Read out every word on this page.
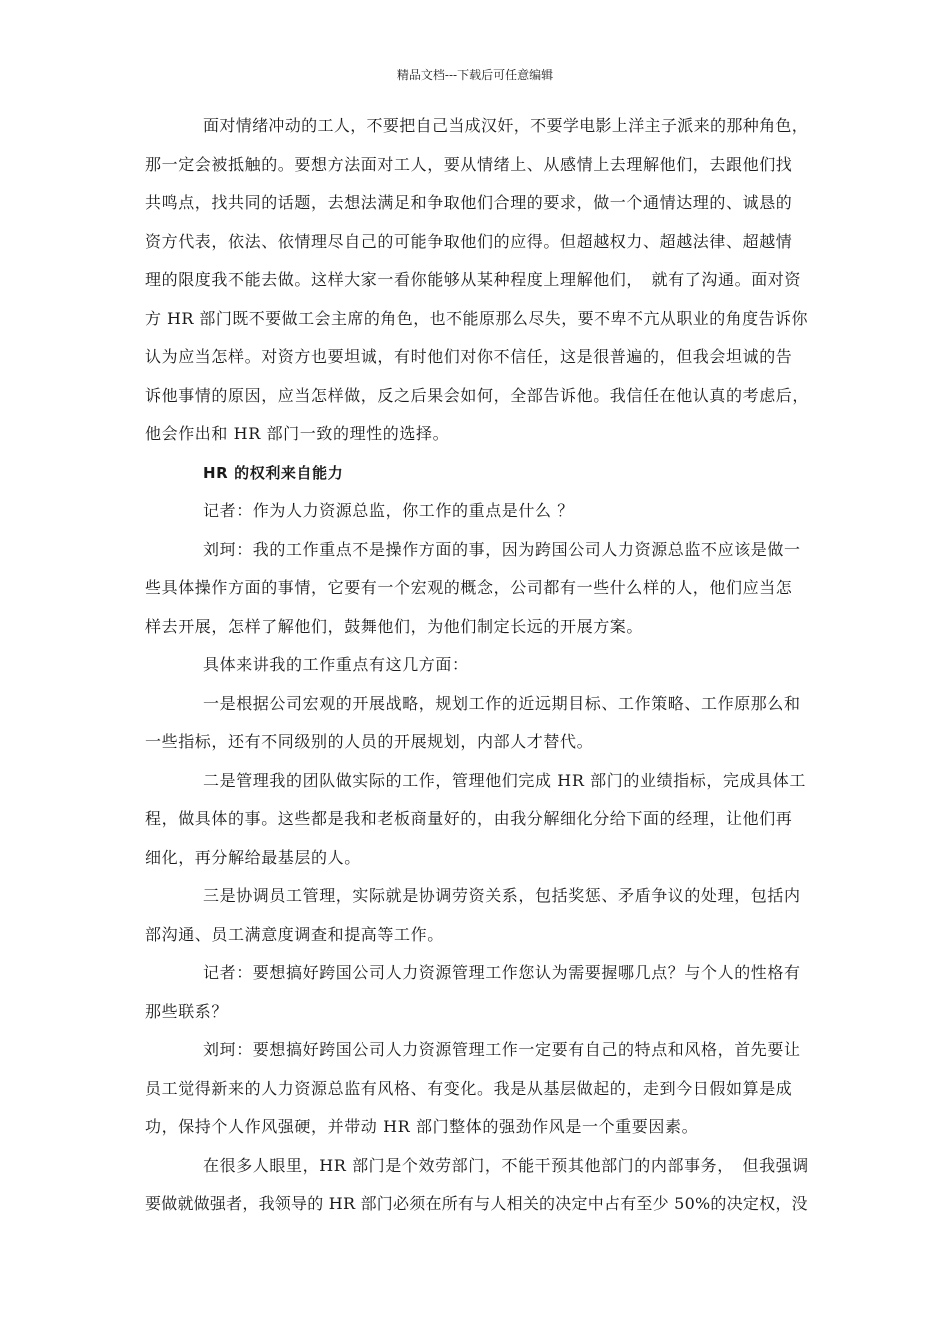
精品文档---下载后可任意编辑
面对情绪冲动的工人，不要把自己当成汉奸，不要学电影上洋主子派来的那种角色，
那一定会被抵触的。要想方法面对工人，要从情绪上、从感情上去理解他们，去跟他们找
共鸣点，找共同的话题，去想法满足和争取他们合理的要求，做一个通情达理的、诚恳的
资方代表，依法、依情理尽自己的可能争取他们的应得。但超越权力、超越法律、超越情
理的限度我不能去做。这样大家一看你能够从某种程度上理解他们，　就有了沟通。面对资
方 HR 部门既不要做工会主席的角色，也不能原那么尽失，要不卑不亢从职业的角度告诉你
认为应当怎样。对资方也要坦诚，有时他们对你不信任，这是很普遍的，但我会坦诚的告
诉他事情的原因，应当怎样做，反之后果会如何，全部告诉他。我信任在他认真的考虑后，
他会作出和 HR 部门一致的理性的选择。
HR 的权利来自能力
记者：作为人力资源总监，你工作的重点是什么 ？
刘珂：我的工作重点不是操作方面的事，因为跨国公司人力资源总监不应该是做一
些具体操作方面的事情，它要有一个宏观的概念，公司都有一些什么样的人，他们应当怎
样去开展，怎样了解他们，鼓舞他们，为他们制定长远的开展方案。
具体来讲我的工作重点有这几方面：
一是根据公司宏观的开展战略，规划工作的近远期目标、工作策略、工作原那么和
一些指标，还有不同级别的人员的开展规划，内部人才替代。
二是管理我的团队做实际的工作，管理他们完成 HR 部门的业绩指标，完成具体工
程，做具体的事。这些都是我和老板商量好的，由我分解细化分给下面的经理，让他们再
细化，再分解给最基层的人。
三是协调员工管理，实际就是协调劳资关系，包括奖惩、矛盾争议的处理，包括内
部沟通、员工满意度调查和提高等工作。
记者：要想搞好跨国公司人力资源管理工作您认为需要握哪几点？与个人的性格有
那些联系？
刘珂：要想搞好跨国公司人力资源管理工作一定要有自己的特点和风格，首先要让
员工觉得新来的人力资源总监有风格、有变化。我是从基层做起的，走到今日假如算是成
功，保持个人作风强硬，并带动 HR 部门整体的强劲作风是一个重要因素。
在很多人眼里，HR 部门是个效劳部门，不能干预其他部门的内部事务，　但我强调
要做就做强者，我领导的 HR 部门必须在所有与人相关的决定中占有至少 50%的决定权，没
